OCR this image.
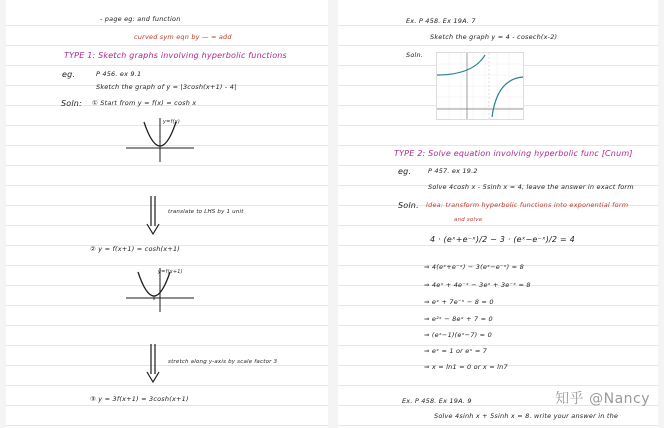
- page eg: and function
curved sym eqn by — = add
TYPE 1: Sketch graphs involving hyperbolic functions
eg.	P 456. ex 9.1
Sketch the graph of y = |3cosh(x+1) - 4|
Soln: ① Start from y = f(x) = cosh x
y=f(x)
translate to LHS by 1 unit
② y = f(x+1) = cosh(x+1)
y=f(x+1)
stretch along y-axis by scale factor 3
③ y = 3f(x+1) = 3cosh(x+1)
Ex. P 458. Ex 19A. 7
Sketch the graph y = 4 - cosech(x-2)
Soln.
TYPE 2: Solve equation involving hyperbolic func [Cnum]
eg.	P 457. ex 19.2
Solve 4cosh x - 5sinh x = 4, leave the answer in exact form
Soln. Idea: transform hyperbolic functions into exponential form
and solve
4 · (eˣ+e⁻ˣ)/2 − 3 · (eˣ−e⁻ˣ)/2 = 4
⇒ 4(eˣ+e⁻ˣ) − 3(eˣ−e⁻ˣ) = 8
⇒ 4eˣ + 4e⁻ˣ − 3eˣ + 3e⁻ˣ = 8
⇒ eˣ + 7e⁻ˣ − 8 = 0
⇒ e²ˣ − 8eˣ + 7 = 0
⇒ (eˣ−1)(eˣ−7) = 0
⇒ eˣ = 1 or eˣ = 7
⇒ x = ln1 = 0 or x = ln7
Ex. P 458. Ex 19A. 9
Solve 4sinh x + 5sinh x = 8. write your answer in the
知乎 @Nancy
